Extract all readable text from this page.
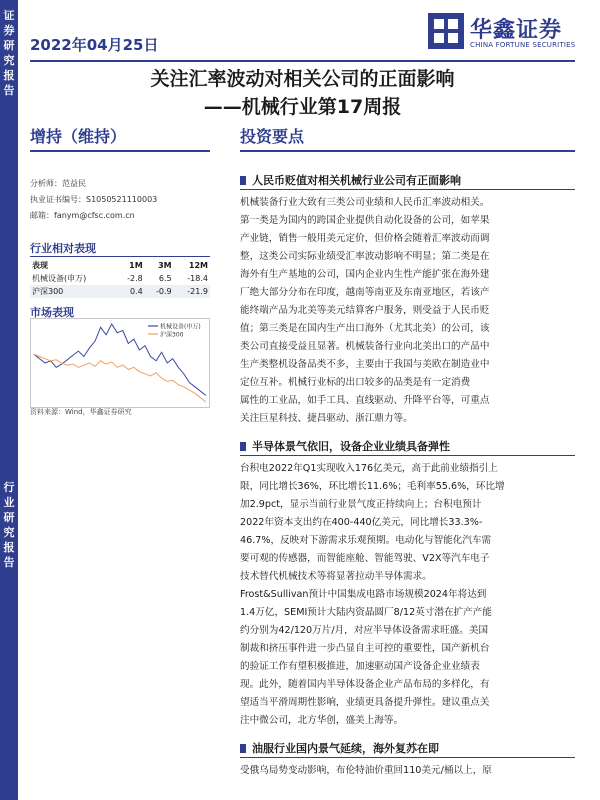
证
券
研
究
报
告
行
业
研
究
报
告
2022年04月25日
华鑫证券
CHINA FORTUNE SECURITIES
关注汇率波动对相关公司的正面影响
——机械行业第17周报
增持（维持）	投资要点
分析师：范益民
执业证书编号：S1050521110003
邮箱：fanym@cfsc.com.cn
行业相对表现
表现	1M	3M	12M
机械设备(申万)	-2.8	6.5	-18.4
沪深300	0.4	-0.9	-21.9
市场表现
机械设备(申万)
沪深300
资料来源：Wind，华鑫证券研究
人民币贬值对相关机械行业公司有正面影响
机械装备行业大致有三类公司业绩和人民币汇率波动相关。
第一类是为国内的跨国企业提供自动化设备的公司，如苹果
产业链，销售一般用美元定价，但价格会随着汇率波动而调
整，这类公司实际业绩受汇率波动影响不明显；第二类是在
海外有生产基地的公司，国内企业内生性产能扩张在海外建
厂绝大部分分布在印度，越南等南亚及东南亚地区，若该产
能终端产品为北美等美元结算客户服务，则受益于人民币贬
值；第三类是在国内生产出口海外（尤其北美）的公司，该
类公司直接受益且显著。机械装备行业向北美出口的产品中
生产类整机设备品类不多，主要由于我国与美欧在制造业中
定位互补。机械行业标的出口较多的品类是有一定消费
属性的工业品，如手工具、直线驱动、升降平台等，可重点
关注巨星科技、捷昌驱动、浙江鼎力等。
半导体景气依旧，设备企业业绩具备弹性
台积电2022年Q1实现收入176亿美元，高于此前业绩指引上
限，同比增长36%，环比增长11.6%；毛利率55.6%，环比增
加2.9pct，显示当前行业景气度正持续向上；台积电预计
2022年资本支出约在400-440亿美元，同比增长33.3%-
46.7%，反映对下游需求乐观预期。电动化与智能化汽车需
要可观的传感器，而智能座舱、智能驾驶、V2X等汽车电子
技术替代机械技术等将显著拉动半导体需求。
Frost&Sullivan预计中国集成电路市场规模2024年将达到
1.4万亿，SEMI预计大陆内资晶圆厂8/12英寸潜在扩产产能
约分别为42/120万片/月，对应半导体设备需求旺盛。美国
制裁和挤压事件进一步凸显自主可控的重要性，国产新机台
的验证工作有望积极推进，加速驱动国产设备企业业绩表
现。此外，随着国内半导体设备企业产品布局的多样化，有
望适当平滑周期性影响，业绩更具备提升弹性。建议重点关
注中微公司，北方华创，盛美上海等。
油服行业国内景气延续，海外复苏在即
受俄乌局势变动影响，布伦特油价重回110美元/桶以上，原
